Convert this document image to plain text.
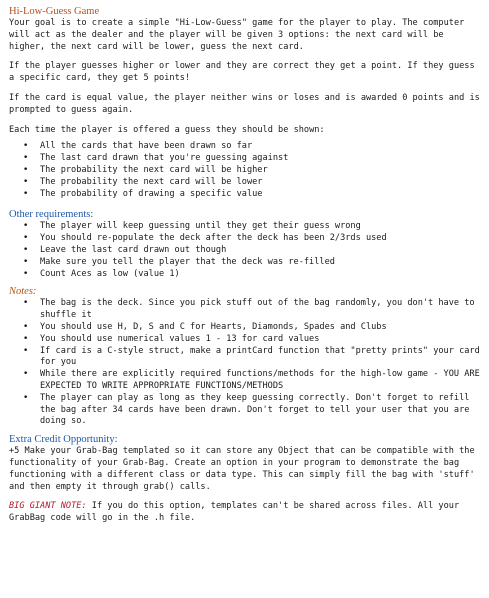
Hi-Low-Guess Game

Your goal is to create a simple "Hi-Low-Guess" game for the player to play. The computer will act as the dealer and the player will be given 3 options: the next card will be higher, the next card will be lower, guess the next card.

If the player guesses higher or lower and they are correct they get a point. If they guess a specific card, they get 5 points!

If the card is equal value, the player neither wins or loses and is awarded 0 points and is prompted to guess again.

Each time the player is offered a guess they should be shown:

• All the cards that have been drawn so far
• The last card drawn that you're guessing against
• The probability the next card will be higher
• The probability the next card will be lower
• The probability of drawing a specific value
Other requirements:
• The player will keep guessing until they get their guess wrong
• You should re-populate the deck after the deck has been 2/3rds used
• Leave the last card drawn out though
• Make sure you tell the player that the deck was re-filled
• Count Aces as low (value 1)
Notes:
• The bag is the deck. Since you pick stuff out of the bag randomly, you don't have to shuffle it
• You should use H, D, S and C for Hearts, Diamonds, Spades and Clubs
• You should use numerical values 1 - 13 for card values
• If card is a C-style struct, make a printCard function that "pretty prints" your card for you
• While there are explicitly required functions/methods for the high-low game - YOU ARE EXPECTED TO WRITE APPROPRIATE FUNCTIONS/METHODS
• The player can play as long as they keep guessing correctly. Don't forget to refill the bag after 34 cards have been drawn. Don't forget to tell your user that you are doing so.
Extra Credit Opportunity:

+5 Make your Grab-Bag templated so it can store any Object that can be compatible with the functionality of your Grab-Bag. Create an option in your program to demonstrate the bag functioning with a different class or data type. This can simply fill the bag with 'stuff' and then empty it through grab() calls.

BIG GIANT NOTE: If you do this option, templates can't be shared across files. All your GrabBag code will go in the .h file.
